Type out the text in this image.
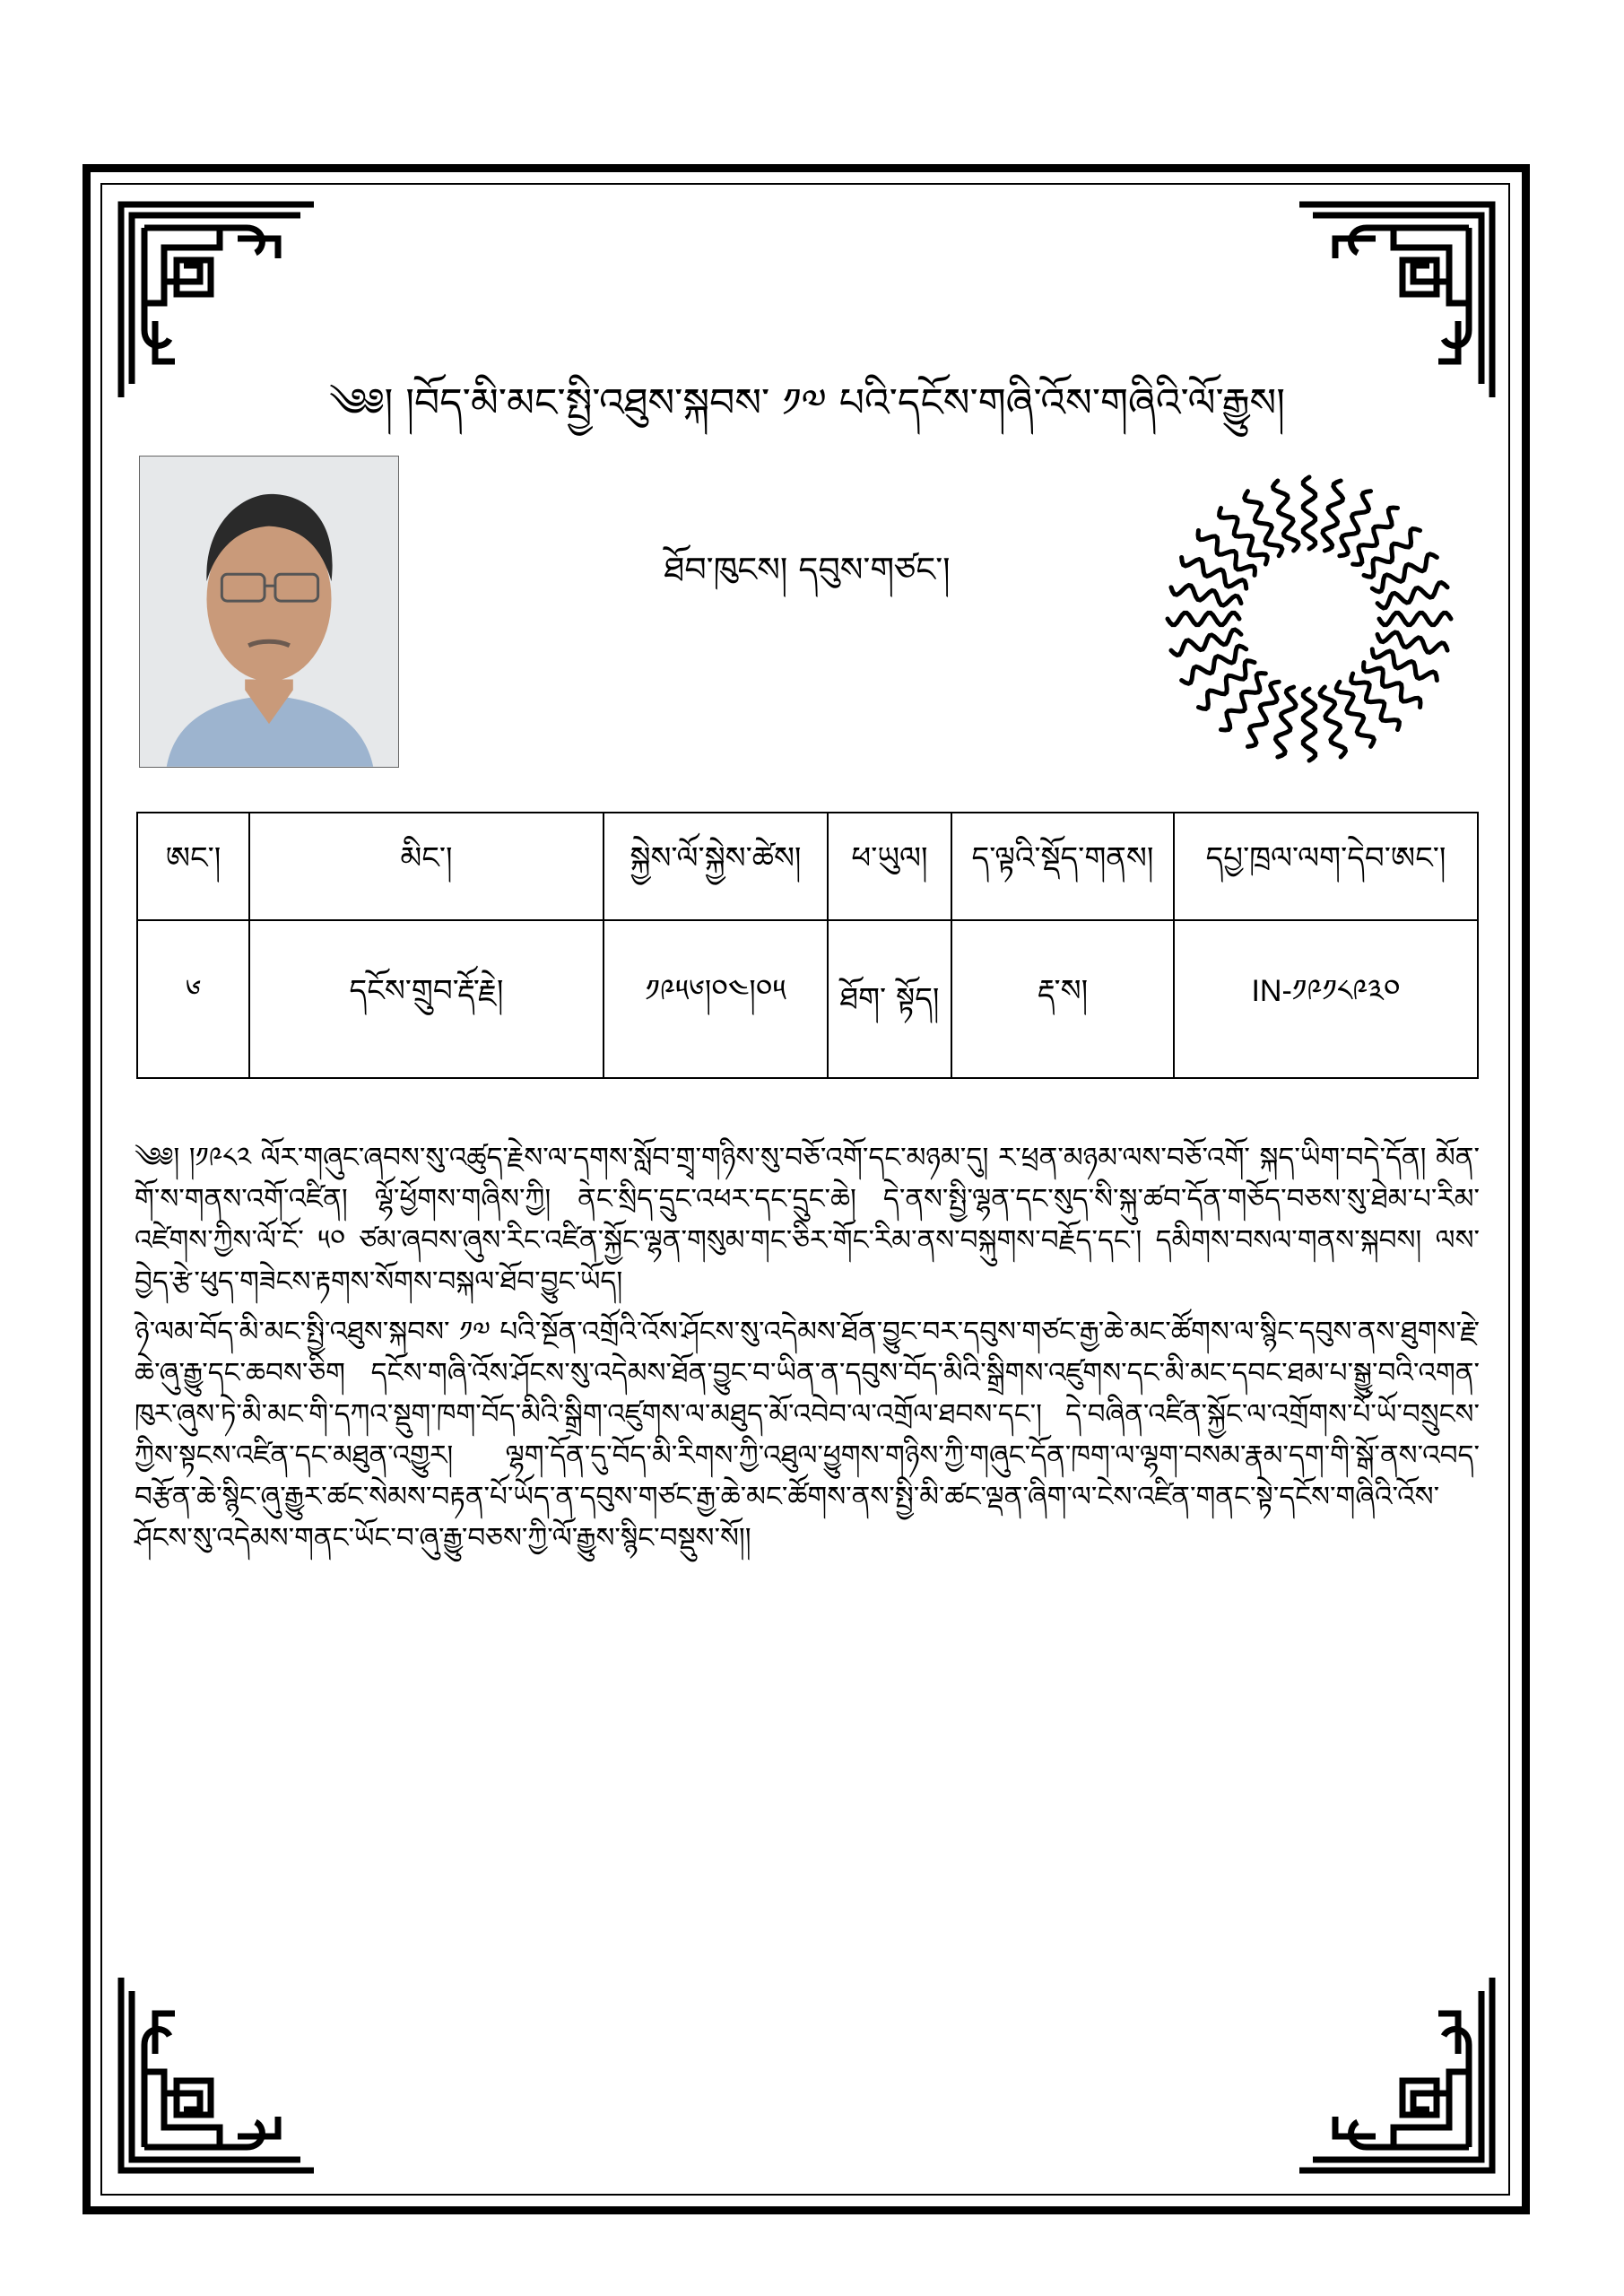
༄༅། །བོད་མི་མང་སྤྱི་འཐུས་སྐབས་ ༡༧ པའི་དངོས་གཞི་འོས་གཞིའི་ལོ་རྒྱུས།
ཐོབ་ཁུངས། དབུས་གཙང་།
ཨང་།	མིང་།	སྐྱེས་ལོ་སྐྱེས་ཚེས།	ཕ་ཡུལ།	ད་ལྟའི་སྡོད་གནས།	དཔྱ་ཁྲལ་ལག་དེབ་ཨང་།
༦	དངོས་གྲུབ་རྡོ་རྗེ།	༡༩༥༦།༠༤།༠༥	ཐོག་ སྟོད།	རྡ་ས།	IN-༡༩༡༨༩༣༠

༄༅། །༡༩༨༢ ལོར་གཞུང་ཞབས་སུ་འཚུད་རྗེས་ལ་ད྄གས་སློབ་གྲྭ་གཉིས་སུ་བཅོ་འགོ་དང་མཉམ་དུ། ར་ཕྲན་མཉམ་ལས་བཅོ་འགོ་ སྐད་ཡིག་བདེ་དོན། མོན་གོ་ས་གནས་འགོ་འཛིན། ལྷོ་ཕྱོགས་གཞིས་ཀྱི། ནང་སྲིད་དྲུང་འཕར་དང་དྲུང་ཆེ། དེ་ནས་སྤྱི་ལྷན་དང་སུད་སི་སྐུ་ཚབ་དོན་གཅོད་བཅས་སུ་ཐེམ་པ་རིམ་འཛེགས་ཀྱིས་ལོ་ངོ་ ༥༠ ཙམ་ཞབས་ཞུས་རིང་འཛིན་སྐྱོང་ལྷན་གསུམ་གང་ཅིར་གོང་རིམ་ནས་བསྐུགས་བརྗོད་དང་། དམིགས་བསལ་གནས་སྐབས། ལས་བྱེད་རྩེ་ཕུད་གཟེངས་རྟགས་སོགས་བསྐལ་ཐོབ་བྱུང་ཡོད།

ཉེ་ལམ་བོད་མི་མང་སྤྱི་འཐུས་སྐབས་ ༡༧ པའི་སྔོན་འགྲོའི་འོས་ཤོངས་སུ་འདེམས་ཐོན་བྱུང་བར་དབུས་གཙང་རྒྱ་ཆེ་མང་ཚོགས་ལ་སྙིང་དབུས་ནས་ཐུགས་རྗེ་ཆེ་ཞུ་རྒྱུ་དང་ཆབས་ཅིག དངོས་གཞི་འོས་ཤོངས་སུ་འདེམས་ཐོན་བྱུང་བ་ཡིན་ན་དབུས་བོད་མིའི་སྒྲིགས་འཛུགས་དང་མི་མང་དབང་ཐམ་པ་སྒྱུ་བའི་འགན་ཁུར་ཞུས་ཏེ་མི་མང་གི་དཀའ་སྡུག་ཁག་བོད་མིའི་སྒྲིག་འཛུགས་ལ་མཐུད་མོ་འབེབ་ལ་འགྲོལ་ཐབས་དང་། དེ་བཞིན་འཛིན་སྐྱོང་ལ་འགྲོགས་པོ་ཡོ་བསྲུངས་ཀྱིས་སྟངས་འཛིན་དང་མཐུན་འགྱུར། ལྷག་དོན་དུ་བོད་མི་རིགས་ཀྱི་འཐུལ་ཕྱུགས་གཉིས་ཀྱི་གཞུང་དོན་ཁག་ལ་ལྷག་བསམ་རྣམ་དག་གི་སྒོ་ནས་འབད་བརྩོན་ཆེ་སྙིང་ཞུ་རྒྱུར་ཚང་སེམས་བརྟན་པོ་ཡོད་ན་དབུས་གཙང་རྒྱ་ཆེ་མང་ཚོགས་ནས་སྤྱི་མི་ཚང་ལྡན་ཞིག་ལ་ངེས་འཛིན་གནང་སྟེ་དངོས་གཞིའི་འོས་ཤོངས་སུ་འདེམས་གནང་ཡོང་བ་ཞུ་རྒྱུ་བཅས་ཀྱི་ལོ་རྒྱུས་སྙིང་བསྡུས་སོ།།
